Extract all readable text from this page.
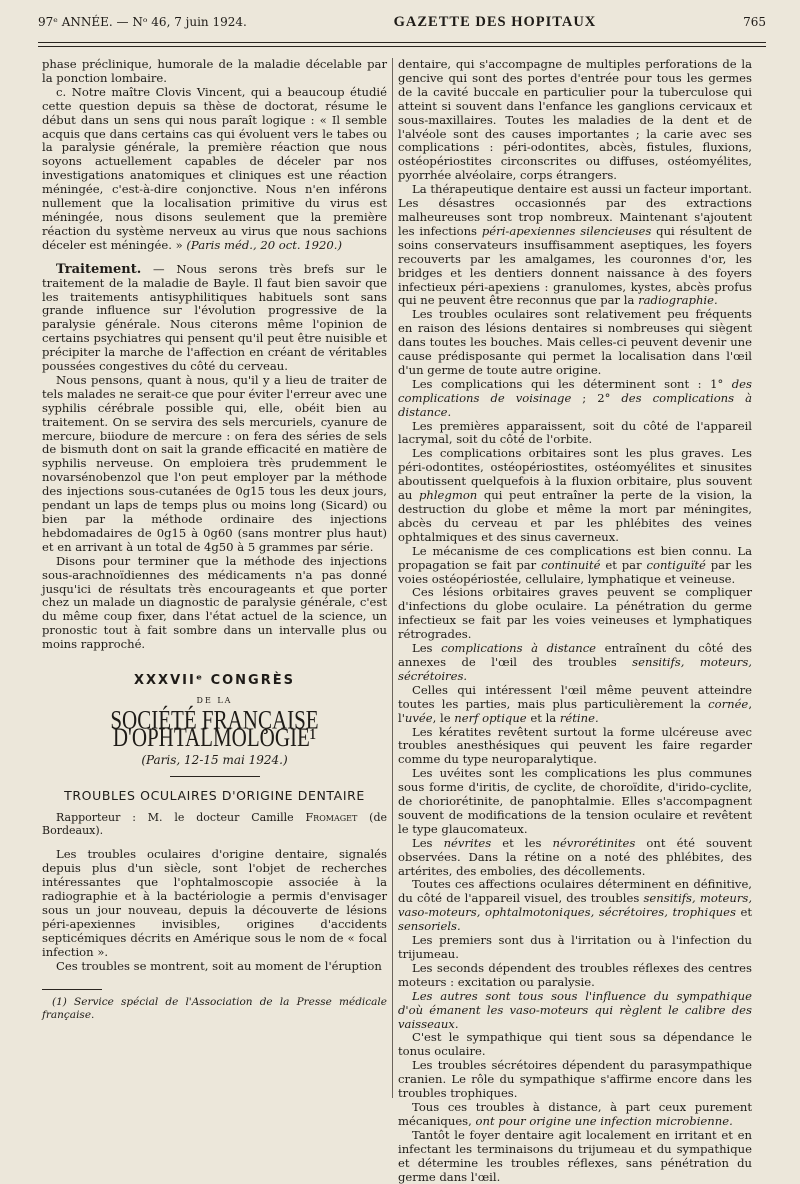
97ᵉ ANNÉE. — Nᵒ 46, 7 juin 1924.	GAZETTE DES HOPITAUX	765

phase préclinique, humorale de la maladie décelable par la ponction lombaire.

c. Notre maître Clovis Vincent, qui a beaucoup étudié cette question depuis sa thèse de doctorat, résume le début dans un sens qui nous paraît logique : « Il semble acquis que dans certains cas qui évoluent vers le tabes ou la paralysie générale, la première réaction que nous soyons actuellement capables de déceler par nos investigations anatomiques et cliniques est une réaction méningée, c'est-à-dire conjonctive. Nous n'en inférons nullement que la localisation primitive du virus est méningée, nous disons seulement que la première réaction du système nerveux au virus que nous sachions déceler est méningée. » (Paris méd., 20 oct. 1920.)

Traitement. — Nous serons très brefs sur le traitement de la maladie de Bayle. Il faut bien savoir que les traitements antisyphilitiques habituels sont sans grande influence sur l'évolution progressive de la paralysie générale. Nous citerons même l'opinion de certains psychiatres qui pensent qu'il peut être nuisible et précipiter la marche de l'affection en créant de véritables poussées congestives du côté du cerveau.

Nous pensons, quant à nous, qu'il y a lieu de traiter de tels malades ne serait-ce que pour éviter l'erreur avec une syphilis cérébrale possible qui, elle, obéit bien au traitement. On se servira des sels mercuriels, cyanure de mercure, biiodure de mercure : on fera des séries de sels de bismuth dont on sait la grande efficacité en matière de syphilis nerveuse. On emploiera très prudemment le novarsénobenzol que l'on peut employer par la méthode des injections sous-cutanées de 0g15 tous les deux jours, pendant un laps de temps plus ou moins long (Sicard) ou bien par la méthode ordinaire des injections hebdomadaires de 0g15 à 0g60 (sans montrer plus haut) et en arrivant à un total de 4g50 à 5 grammes par série.

Disons pour terminer que la méthode des injections sous-arachnoïdiennes des médicaments n'a pas donné jusqu'ici de résultats très encourageants et que porter chez un malade un diagnostic de paralysie générale, c'est du même coup fixer, dans l'état actuel de la science, un pronostic tout à fait sombre dans un intervalle plus ou moins rapproché.

XXXVIIᵉ CONGRÈS
DE LA
SOCIÉTÉ FRANÇAISE D'OPHTALMOLOGIE¹
(Paris, 12-15 mai 1924.)
TROUBLES OCULAIRES D'ORIGINE DENTAIRE

Rapporteur : M. le docteur Camille Fromaget (de Bordeaux).

Les troubles oculaires d'origine dentaire, signalés depuis plus d'un siècle, sont l'objet de recherches intéressantes que l'ophtalmoscopie associée à la radiographie et à la bactériologie a permis d'envisager sous un jour nouveau, depuis la découverte de lésions péri-apexiennes invisibles, origines d'accidents septicémiques décrits en Amérique sous le nom de « focal infection ».

Ces troubles se montrent, soit au moment de l'éruption

(1) Service spécial de l'Association de la Presse médicale française.

dentaire, qui s'accompagne de multiples perforations de la gencive qui sont des portes d'entrée pour tous les germes de la cavité buccale en particulier pour la tuberculose qui atteint si souvent dans l'enfance les ganglions cervicaux et sous-maxillaires. Toutes les maladies de la dent et de l'alvéole sont des causes importantes ; la carie avec ses complications : péri-odontites, abcès, fistules, fluxions, ostéopériostites circonscrites ou diffuses, ostéomyélites, pyorrhée alvéolaire, corps étrangers.

La thérapeutique dentaire est aussi un facteur important. Les désastres occasionnés par des extractions malheureuses sont trop nombreux. Maintenant s'ajoutent les infections péri-apexiennes silencieuses qui résultent de soins conservateurs insuffisamment aseptiques, les foyers recouverts par les amalgames, les couronnes d'or, les bridges et les dentiers donnent naissance à des foyers infectieux péri-apexiens : granulomes, kystes, abcès profus qui ne peuvent être reconnus que par la radiographie.

Les troubles oculaires sont relativement peu fréquents en raison des lésions dentaires si nombreuses qui siègent dans toutes les bouches. Mais celles-ci peuvent devenir une cause prédisposante qui permet la localisation dans l'œil d'un germe de toute autre origine.

Les complications qui les déterminent sont : 1° des complications de voisinage ; 2° des complications à distance.

Les premières apparaissent, soit du côté de l'appareil lacrymal, soit du côté de l'orbite.

Les complications orbitaires sont les plus graves. Les péri-odontites, ostéopériostites, ostéomyélites et sinusites aboutissent quelquefois à la fluxion orbitaire, plus souvent au phlegmon qui peut entraîner la perte de la vision, la destruction du globe et même la mort par méningites, abcès du cerveau et par les phlébites des veines ophtalmiques et des sinus caverneux.

Le mécanisme de ces complications est bien connu. La propagation se fait par continuité et par contiguïté par les voies ostéopériostée, cellulaire, lymphatique et veineuse.

Ces lésions orbitaires graves peuvent se compliquer d'infections du globe oculaire. La pénétration du germe infectieux se fait par les voies veineuses et lymphatiques rétrogrades.

Les complications à distance entraînent du côté des annexes de l'œil des troubles sensitifs, moteurs, sécrétoires.

Celles qui intéressent l'œil même peuvent atteindre toutes les parties, mais plus particulièrement la cornée, l'uvée, le nerf optique et la rétine.

Les kératites revêtent surtout la forme ulcéreuse avec troubles anesthésiques qui peuvent les faire regarder comme du type neuroparalytique.

Les uvéites sont les complications les plus communes sous forme d'iritis, de cyclite, de choroïdite, d'irido-cyclite, de choriorétinite, de panophtalmie. Elles s'accompagnent souvent de modifications de la tension oculaire et revêtent le type glaucomateux.

Les névrites et les névrorétinites ont été souvent observées. Dans la rétine on a noté des phlébites, des artérites, des embolies, des décollements.

Toutes ces affections oculaires déterminent en définitive, du côté de l'appareil visuel, des troubles sensitifs, moteurs, vaso-moteurs, ophtalmotoniques, sécrétoires, trophiques et sensoriels.

Les premiers sont dus à l'irritation ou à l'infection du trijumeau.

Les seconds dépendent des troubles réflexes des centres moteurs : excitation ou paralysie.

Les autres sont tous sous l'influence du sympathique d'où émanent les vaso-moteurs qui règlent le calibre des vaisseaux.

C'est le sympathique qui tient sous sa dépendance le tonus oculaire.

Les troubles sécrétoires dépendent du parasympathique cranien. Le rôle du sympathique s'affirme encore dans les troubles trophiques.

Tous ces troubles à distance, à part ceux purement mécaniques, ont pour origine une infection microbienne.

Tantôt le foyer dentaire agit localement en irritant et en infectant les terminaisons du trijumeau et du sympathique et détermine les troubles réflexes, sans pénétration du germe dans l'œil.
